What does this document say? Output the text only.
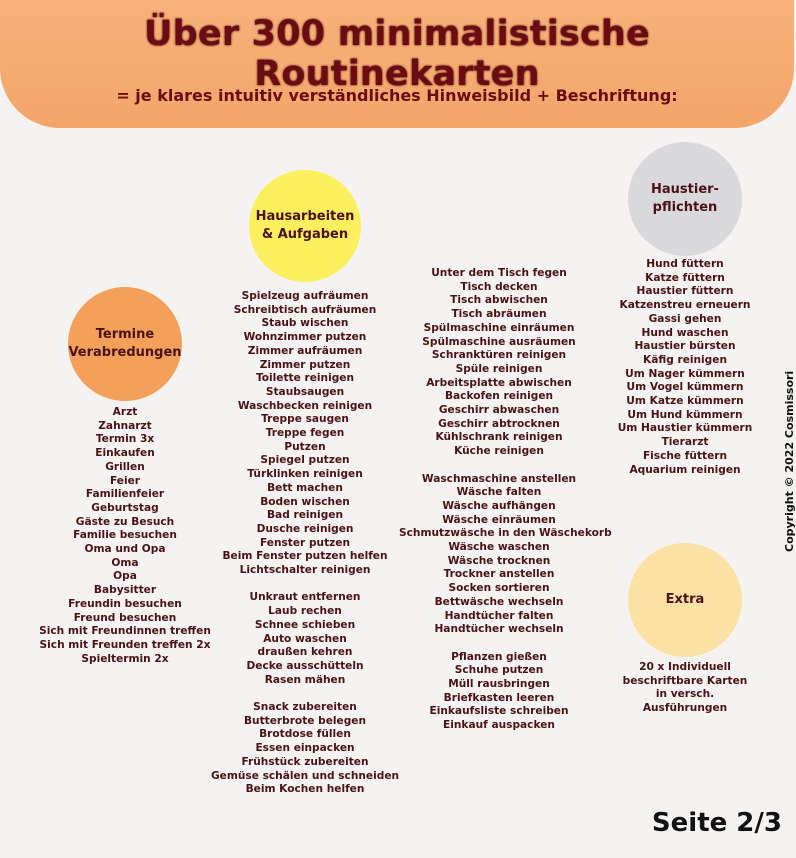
Über 300 minimalistische Routinekarten
= je klares intuitiv verständliches Hinweisbild + Beschriftung:
Termine
Verabredungen
Arzt
Zahnarzt
Termin 3x
Einkaufen
Grillen
Feier
Familienfeier
Geburtstag
Gäste zu Besuch
Familie besuchen
Oma und Opa
Oma
Opa
Babysitter
Freundin besuchen
Freund besuchen
Sich mit Freundinnen treffen
Sich mit Freunden treffen 2x
Spieltermin 2x
Hausarbeiten
& Aufgaben
Spielzeug aufräumen
Schreibtisch aufräumen
Staub wischen
Wohnzimmer putzen
Zimmer aufräumen
Zimmer putzen
Toilette reinigen
Staubsaugen
Waschbecken reinigen
Treppe saugen
Treppe fegen
Putzen
Spiegel putzen
Türklinken reinigen
Bett machen
Boden wischen
Bad reinigen
Dusche reinigen
Fenster putzen
Beim Fenster putzen helfen
Lichtschalter reinigen
Unkraut entfernen
Laub rechen
Schnee schieben
Auto waschen
draußen kehren
Decke ausschütteln
Rasen mähen
Snack zubereiten
Butterbrote belegen
Brotdose füllen
Essen einpacken
Frühstück zubereiten
Gemüse schälen und schneiden
Beim Kochen helfen
Unter dem Tisch fegen
Tisch decken
Tisch abwischen
Tisch abräumen
Spülmaschine einräumen
Spülmaschine ausräumen
Schranktüren reinigen
Spüle reinigen
Arbeitsplatte abwischen
Backofen reinigen
Geschirr abwaschen
Geschirr abtrocknen
Kühlschrank reinigen
Küche reinigen
Waschmaschine anstellen
Wäsche falten
Wäsche aufhängen
Wäsche einräumen
Schmutzwäsche in den Wäschekorb
Wäsche waschen
Wäsche trocknen
Trockner anstellen
Socken sortieren
Bettwäsche wechseln
Handtücher falten
Handtücher wechseln
Pflanzen gießen
Schuhe putzen
Müll rausbringen
Briefkasten leeren
Einkaufsliste schreiben
Einkauf auspacken
Haustier-
pflichten
Hund füttern
Katze füttern
Haustier füttern
Katzenstreu erneuern
Gassi gehen
Hund waschen
Haustier bürsten
Käfig reinigen
Um Nager kümmern
Um Vogel kümmern
Um Katze kümmern
Um Hund kümmern
Um Haustier kümmern
Tierarzt
Fische füttern
Aquarium reinigen
Extra
20 x Individuell
beschriftbare Karten
in versch.
Ausführungen
Copyright © 2022 Cosmissori
Seite 2/3
